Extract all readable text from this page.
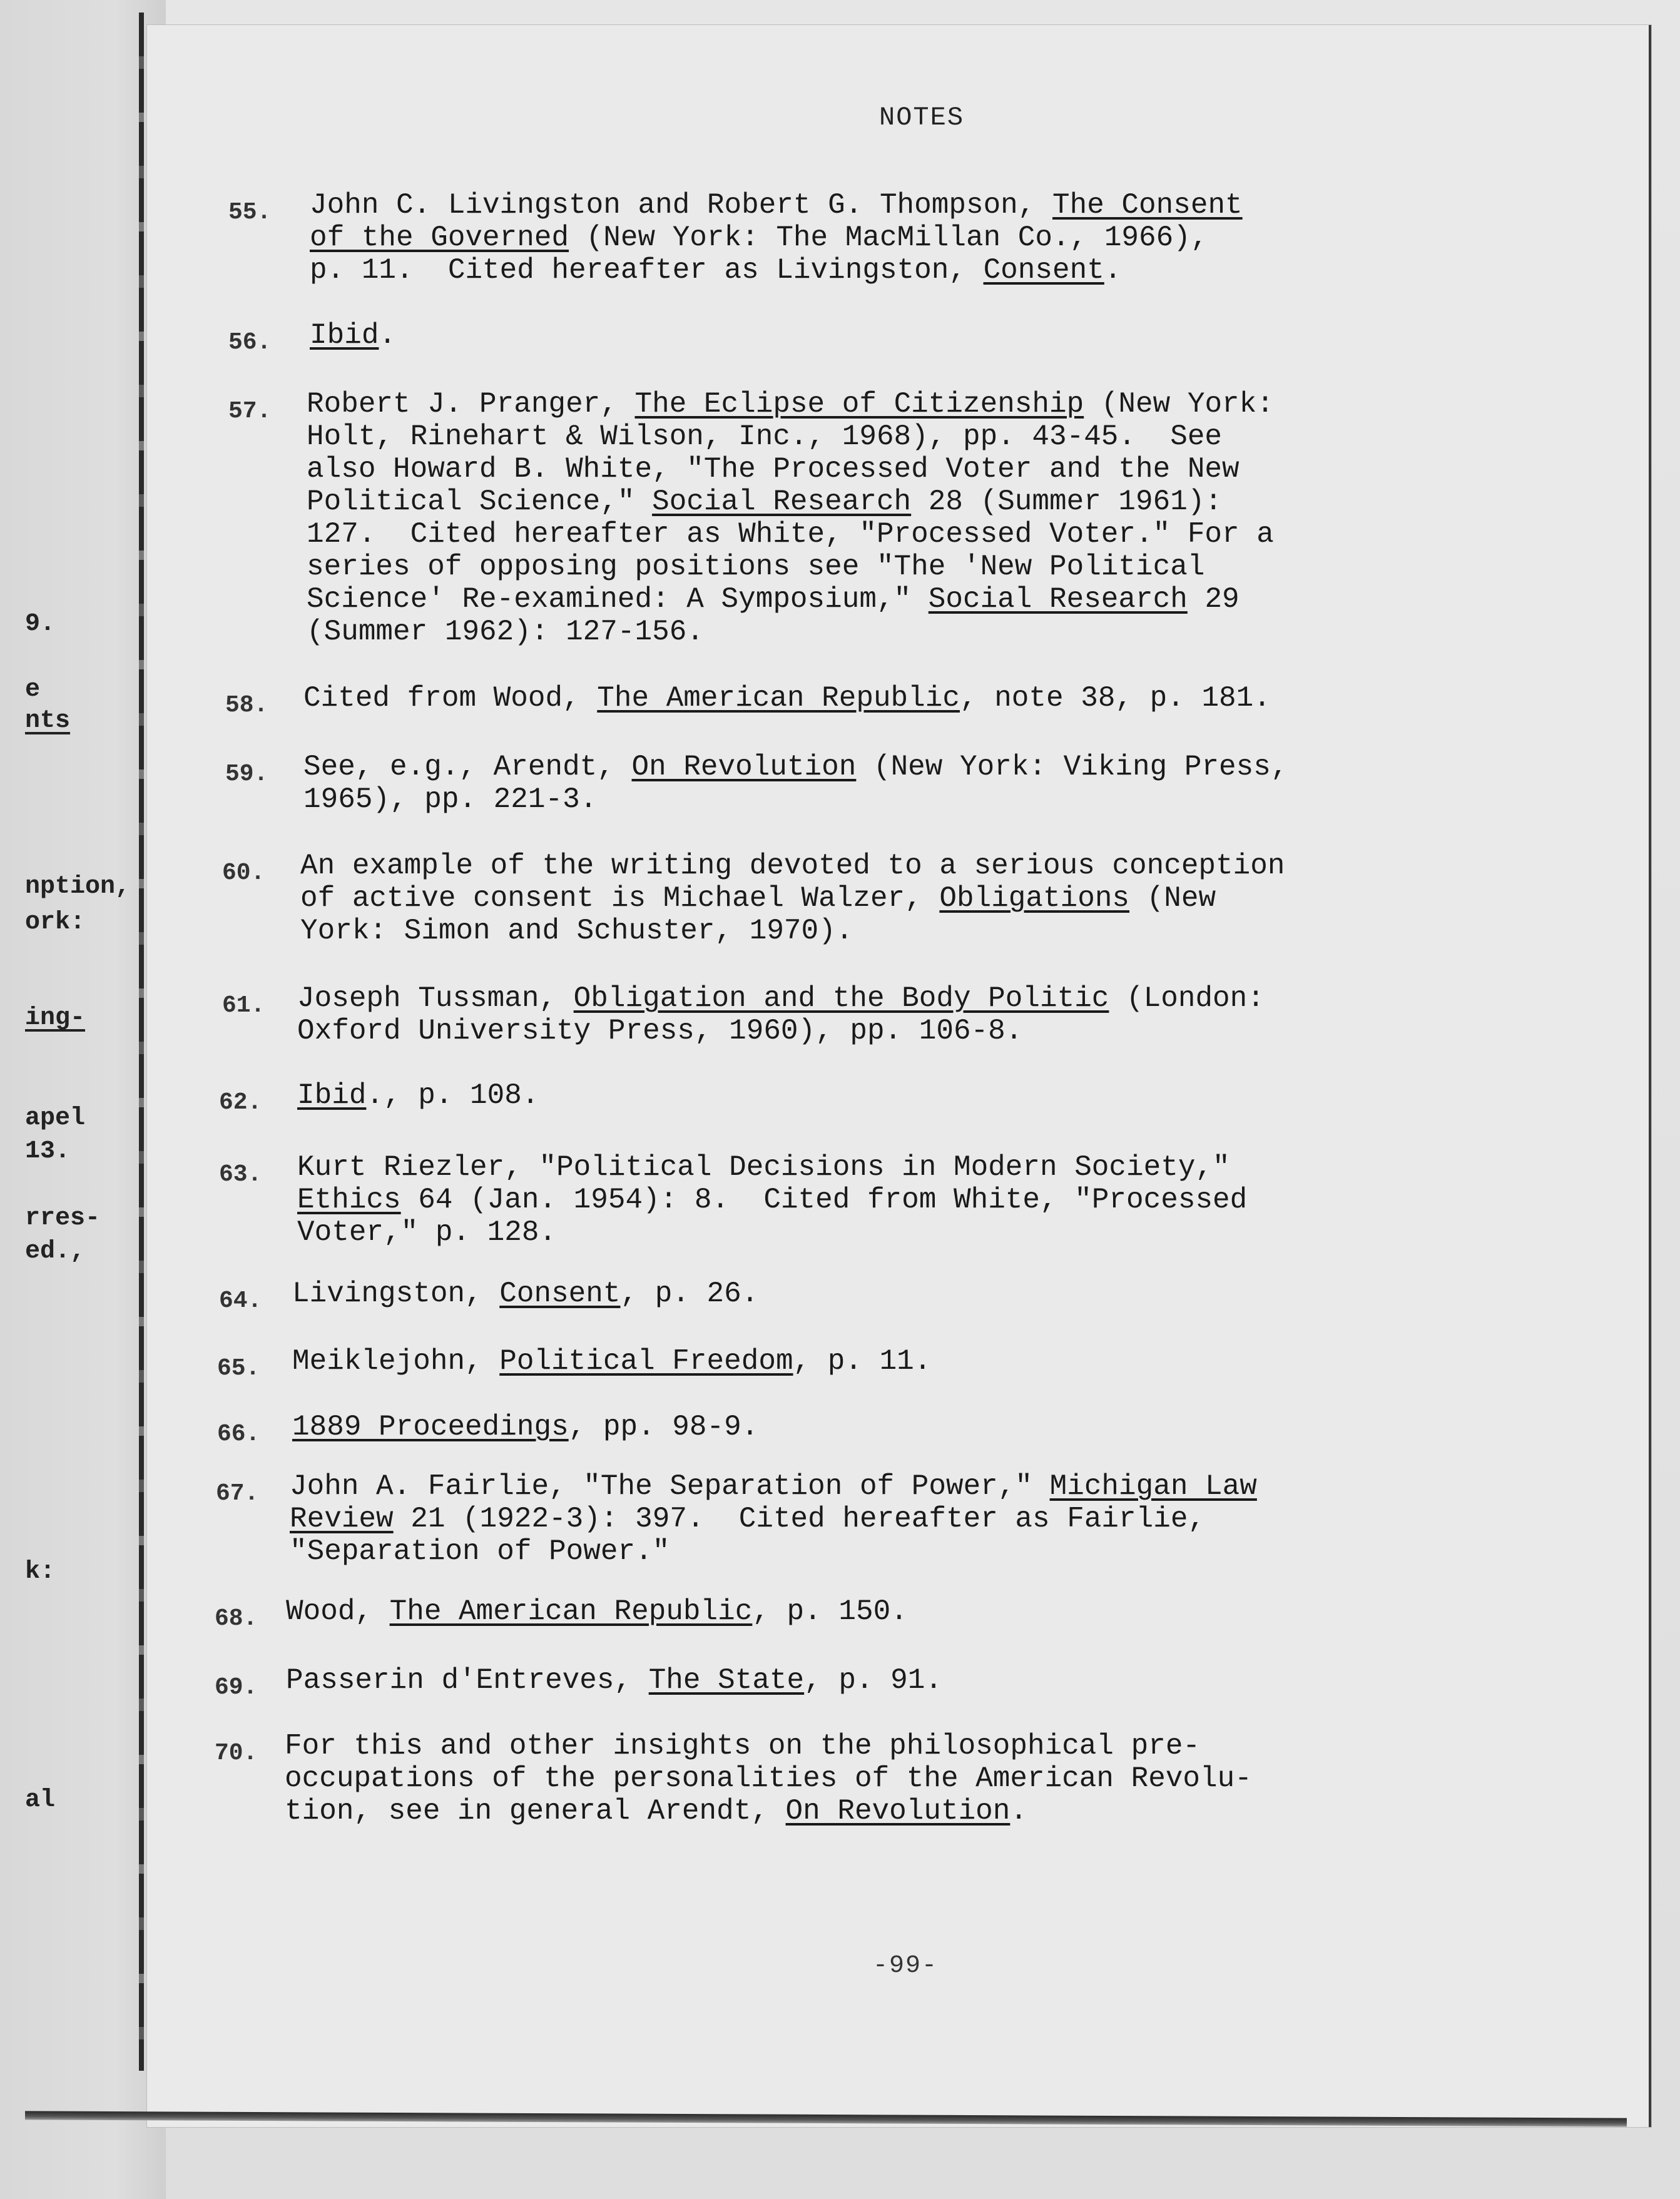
9.
e
nts
nption,
ork:
ing-
apel
13.
rres-
ed.,
k:
al
NOTES
55. John C. Livingston and Robert G. Thompson, The Consent
of the Governed (New York: The MacMillan Co., 1966),
p. 11.  Cited hereafter as Livingston, Consent.
56. Ibid.
57. Robert J. Pranger, The Eclipse of Citizenship (New York:
Holt, Rinehart & Wilson, Inc., 1968), pp. 43-45.  See
also Howard B. White, "The Processed Voter and the New
Political Science," Social Research 28 (Summer 1961):
127.  Cited hereafter as White, "Processed Voter." For a
series of opposing positions see "The 'New Political
Science' Re-examined: A Symposium," Social Research 29
(Summer 1962): 127-156.
58. Cited from Wood, The American Republic, note 38, p. 181.
59. See, e.g., Arendt, On Revolution (New York: Viking Press,
1965), pp. 221-3.
60. An example of the writing devoted to a serious conception
of active consent is Michael Walzer, Obligations (New
York: Simon and Schuster, 1970).
61. Joseph Tussman, Obligation and the Body Politic (London:
Oxford University Press, 1960), pp. 106-8.
62. Ibid., p. 108.
63. Kurt Riezler, "Political Decisions in Modern Society,"
Ethics 64 (Jan. 1954): 8.  Cited from White, "Processed
Voter," p. 128.
64. Livingston, Consent, p. 26.
65. Meiklejohn, Political Freedom, p. 11.
66. 1889 Proceedings, pp. 98-9.
67. John A. Fairlie, "The Separation of Power," Michigan Law
Review 21 (1922-3): 397.  Cited hereafter as Fairlie,
"Separation of Power."
68. Wood, The American Republic, p. 150.
69. Passerin d'Entreves, The State, p. 91.
70. For this and other insights on the philosophical pre-
occupations of the personalities of the American Revolu-
tion, see in general Arendt, On Revolution.
-99-
